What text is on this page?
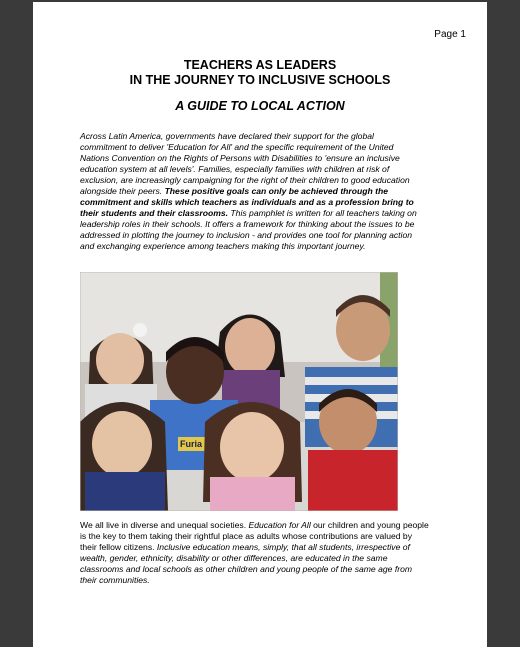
Page 1
TEACHERS AS LEADERS
IN THE JOURNEY TO INCLUSIVE SCHOOLS
A GUIDE TO LOCAL ACTION

Across Latin America, governments have declared their support for the global commitment to deliver 'Education for All' and the specific requirement of the United Nations Convention on the Rights of Persons with Disabilities to 'ensure an inclusive education system at all levels'. Families, especially families with children at risk of exclusion, are increasingly campaigning for the right of their children to good education alongside their peers. These positive goals can only be achieved through the commitment and skills which teachers as individuals and as a profession bring to their students and their classrooms. This pamphlet is written for all teachers taking on leadership roles in their schools. It offers a framework for thinking about the issues to be addressed in plotting the journey to inclusion - and provides one tool for planning action and exchanging experience among teachers making this important journey.

Furia

We all live in diverse and unequal societies. Education for All our children and young people is the key to them taking their rightful place as adults whose contributions are valued by their fellow citizens. Inclusive education means, simply, that all students, irrespective of wealth, gender, ethnicity, disability or other differences, are educated in the same classrooms and local schools as other children and young people of the same age from their communities.
